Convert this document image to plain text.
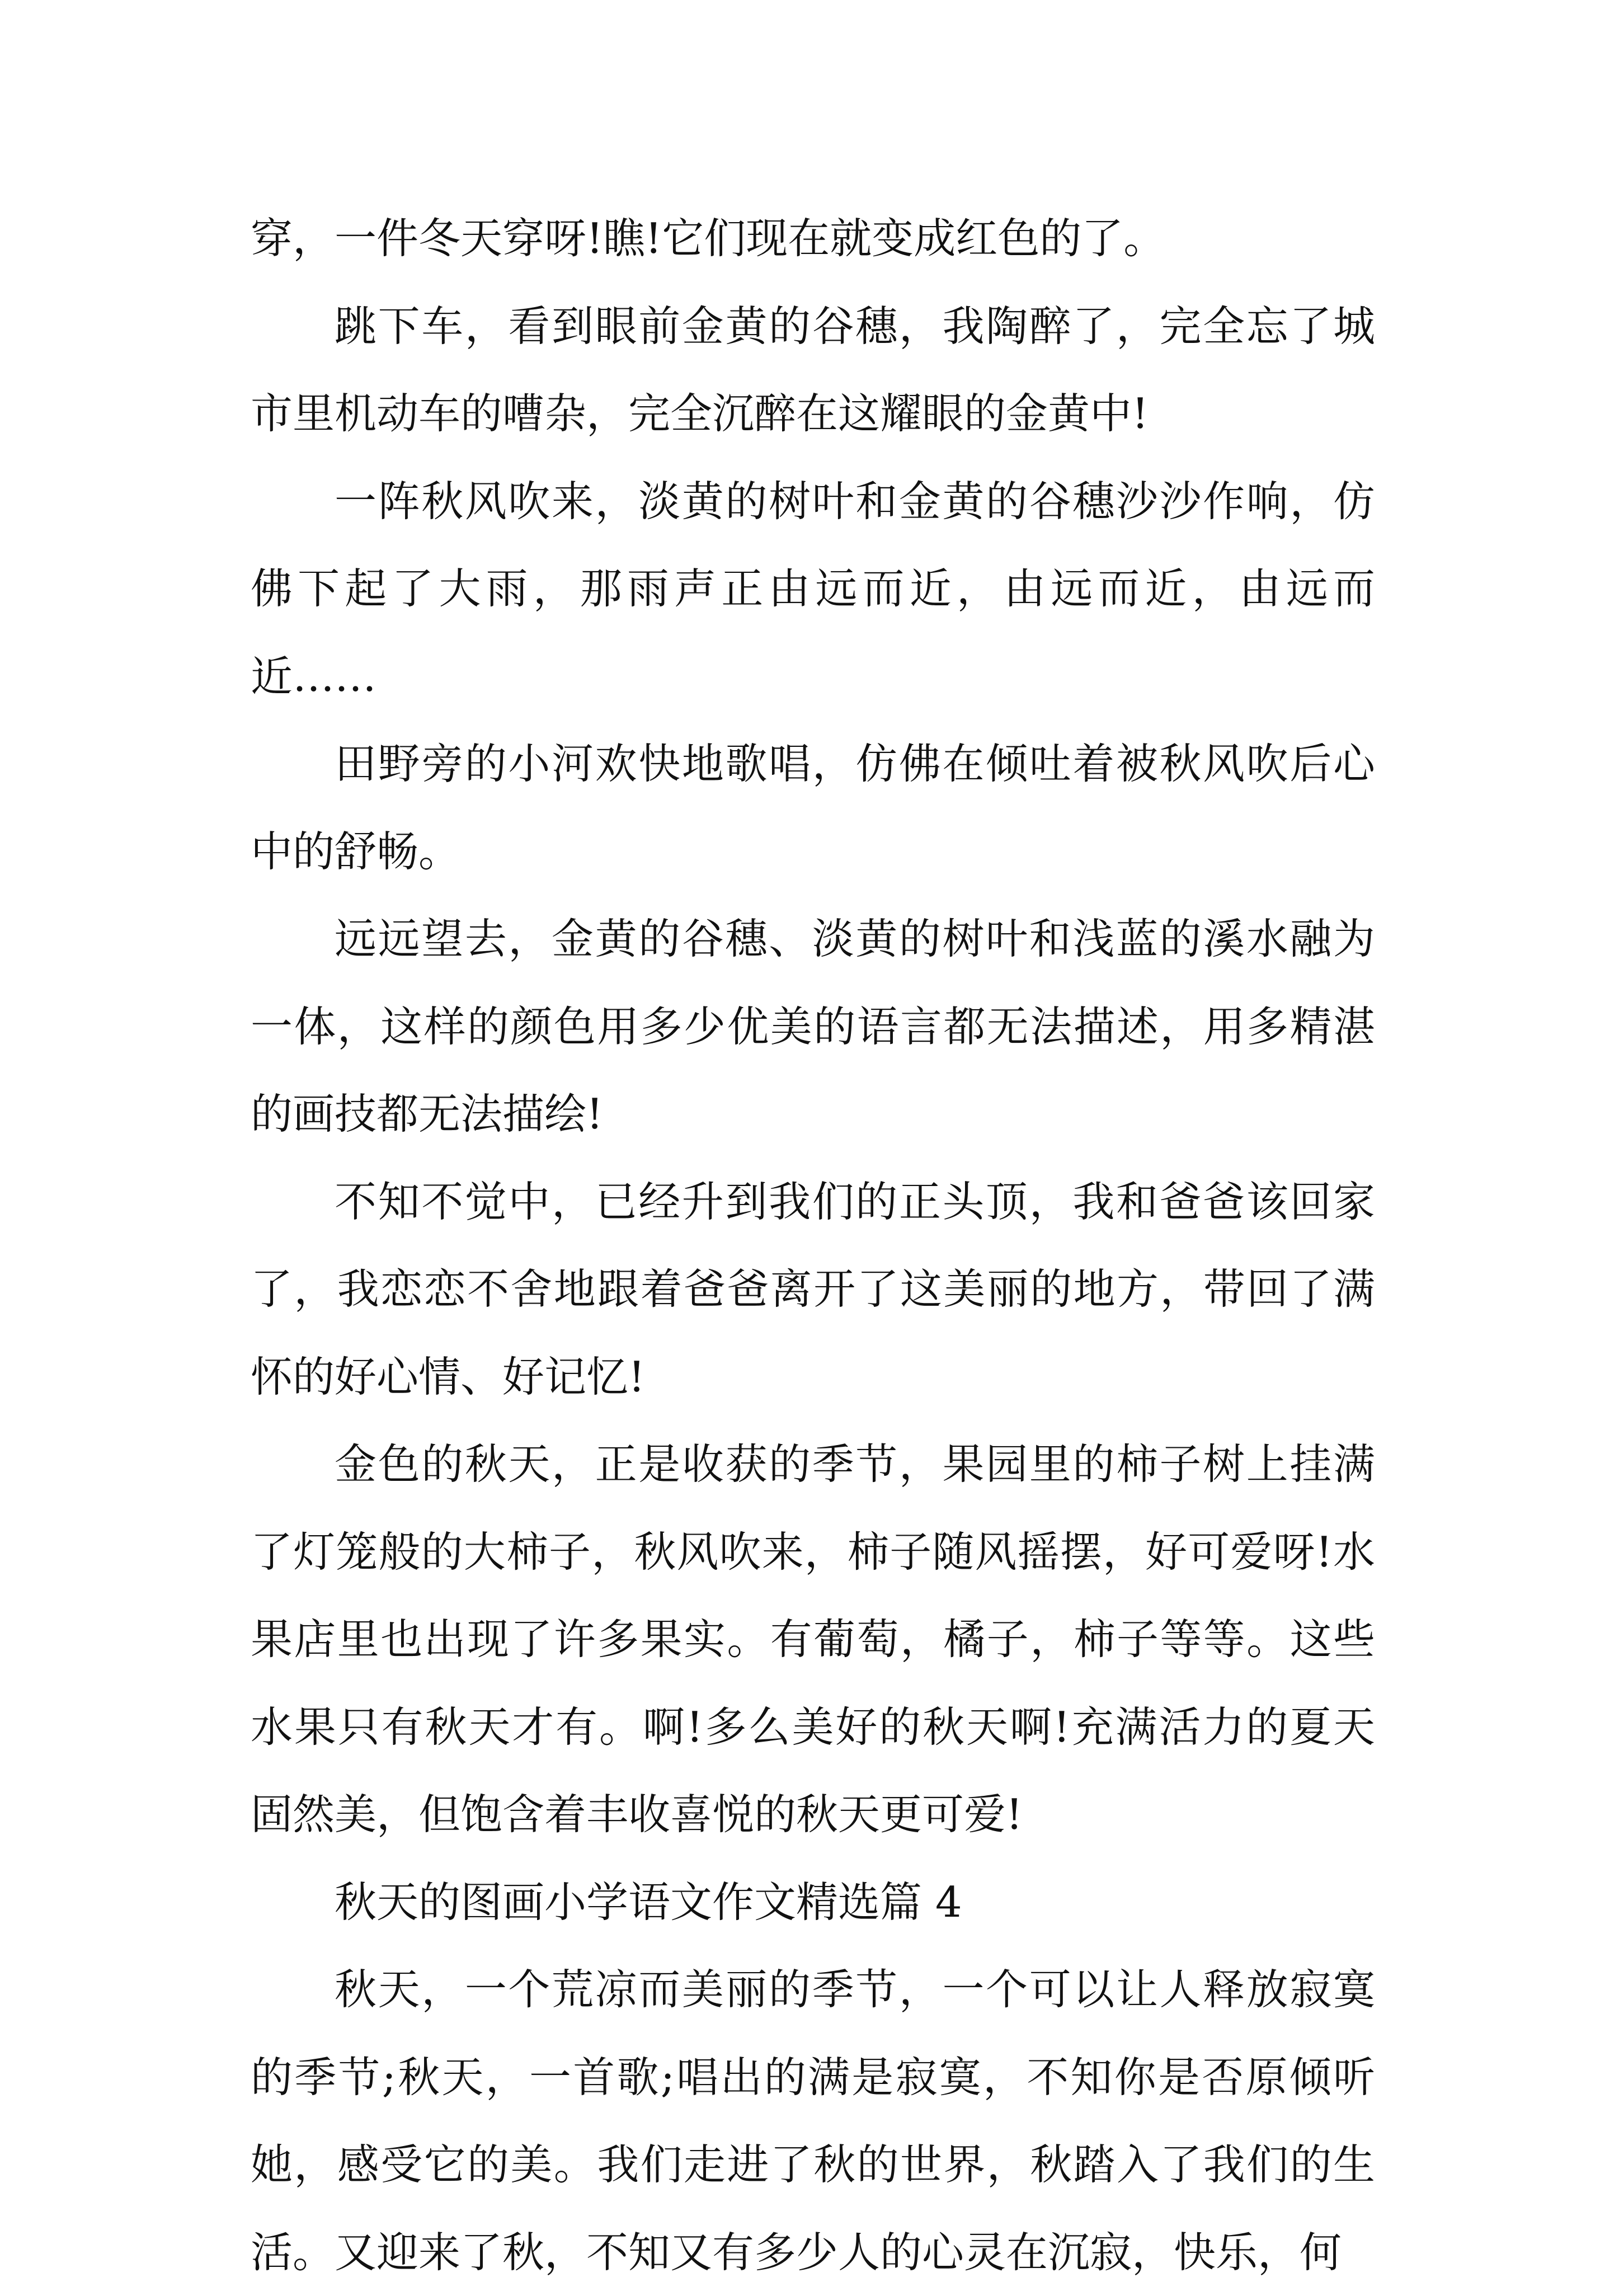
穿，一件冬天穿呀!瞧!它们现在就变成红色的了。

跳下车，看到眼前金黄的谷穗，我陶醉了，完全忘了城市里机动车的嘈杂，完全沉醉在这耀眼的金黄中!

一阵秋风吹来，淡黄的树叶和金黄的谷穗沙沙作响，仿佛下起了大雨，那雨声正由远而近，由远而近，由远而近……

田野旁的小河欢快地歌唱，仿佛在倾吐着被秋风吹后心中的舒畅。

远远望去，金黄的谷穗、淡黄的树叶和浅蓝的溪水融为一体，这样的颜色用多少优美的语言都无法描述，用多精湛的画技都无法描绘!

不知不觉中，已经升到我们的正头顶，我和爸爸该回家了，我恋恋不舍地跟着爸爸离开了这美丽的地方，带回了满怀的好心情、好记忆!

金色的秋天，正是收获的季节，果园里的柿子树上挂满了灯笼般的大柿子，秋风吹来，柿子随风摇摆，好可爱呀!水果店里也出现了许多果实。有葡萄，橘子，柿子等等。这些水果只有秋天才有。啊!多么美好的秋天啊!充满活力的夏天固然美，但饱含着丰收喜悦的秋天更可爱!

秋天的图画小学语文作文精选篇 4

秋天，一个荒凉而美丽的季节，一个可以让人释放寂寞的季节;秋天，一首歌;唱出的满是寂寞，不知你是否原倾听她，感受它的美。我们走进了秋的世界，秋踏入了我们的生活。又迎来了秋，不知又有多少人的心灵在沉寂，快乐，何
